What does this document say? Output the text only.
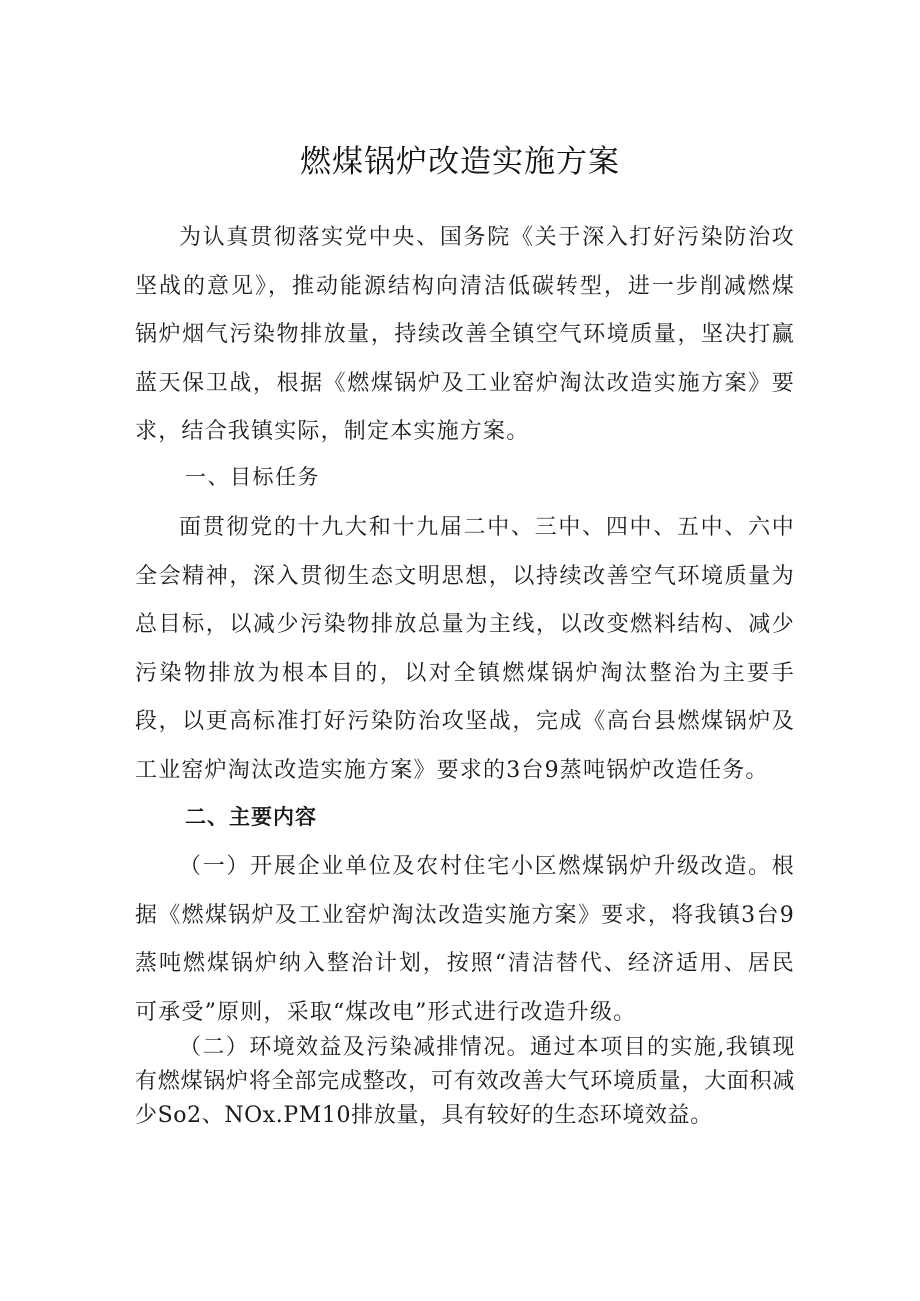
燃煤锅炉改造实施方案

为认真贯彻落实党中央、国务院《关于深入打好污染防治攻坚战的意见》，推动能源结构向清洁低碳转型，进一步削减燃煤锅炉烟气污染物排放量，持续改善全镇空气环境质量，坚决打赢蓝天保卫战，根据《燃煤锅炉及工业窑炉淘汰改造实施方案》要求，结合我镇实际，制定本实施方案。

一、目标任务

面贯彻党的十九大和十九届二中、三中、四中、五中、六中全会精神，深入贯彻生态文明思想，以持续改善空气环境质量为总目标，以减少污染物排放总量为主线，以改变燃料结构、减少污染物排放为根本目的，以对全镇燃煤锅炉淘汰整治为主要手段，以更高标准打好污染防治攻坚战，完成《高台县燃煤锅炉及工业窑炉淘汰改造实施方案》要求的3台9蒸吨锅炉改造任务。

二、主要内容

（一）开展企业单位及农村住宅小区燃煤锅炉升级改造。根据《燃煤锅炉及工业窑炉淘汰改造实施方案》要求，将我镇3台9蒸吨燃煤锅炉纳入整治计划，按照“清洁替代、经济适用、居民可承受”原则，采取“煤改电”形式进行改造升级。

（二）环境效益及污染减排情况。通过本项目的实施,我镇现有燃煤锅炉将全部完成整改，可有效改善大气环境质量，大面积减少So2、NOx.PM10排放量，具有较好的生态环境效益。
